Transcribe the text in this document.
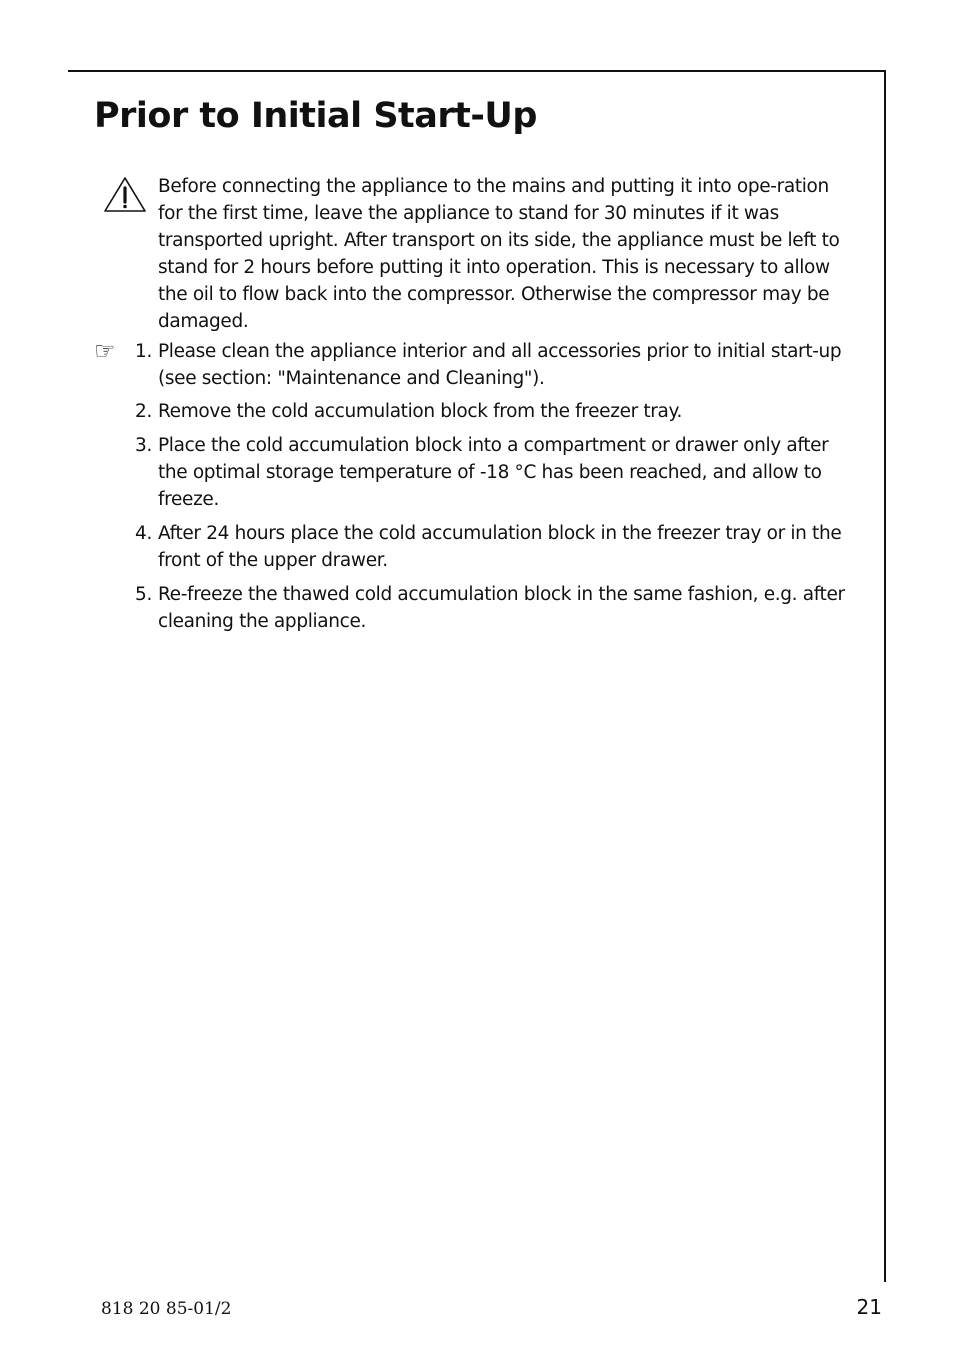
Prior to Initial Start-Up

Before connecting the appliance to the mains and putting it into ope-ration for the first time, leave the appliance to stand for 30 minutes if it was transported upright. After transport on its side, the appliance must be left to stand for 2 hours before putting it into operation. This is necessary to allow the oil to flow back into the compressor. Otherwise the compressor may be damaged.

☞	1. Please clean the appliance interior and all accessories prior to initial start-up (see section: "Maintenance and Cleaning").

2. Remove the cold accumulation block from the freezer tray.

3. Place the cold accumulation block into a compartment or drawer only after the optimal storage temperature of -18 °C has been reached, and allow to freeze.

4. After 24 hours place the cold accumulation block in the freezer tray or in the front of the upper drawer.

5. Re-freeze the thawed cold accumulation block in the same fashion, e.g. after cleaning the appliance.

818 20 85-01/2	21
